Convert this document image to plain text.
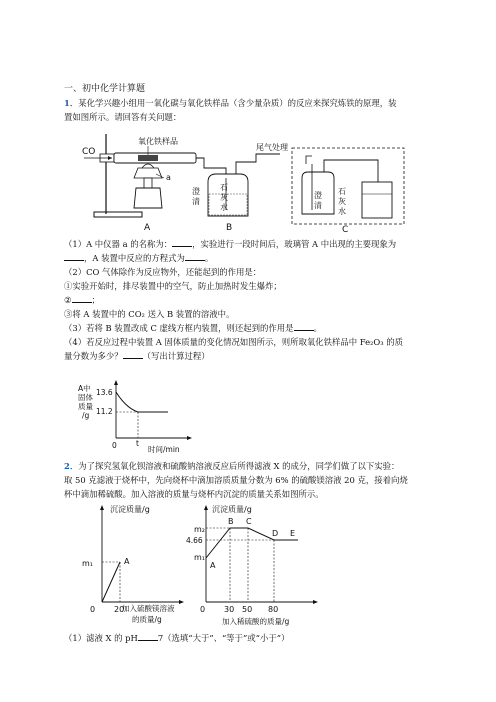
一、初中化学计算题
1．某化学兴趣小组用一氧化碳与氧化铁样品（含少量杂质）的反应来探究炼铁的原理，装
置如图所示。请回答有关问题：
CO
氧化铁样品
a
A
尾气处理
石
灰
水
澄
清
B
石
灰
水
澄
清
C
（1）A 中仪器 a 的名称为： ，实验进行一段时间后，玻璃管 A 中出现的主要现象为
，A 装置中反应的方程式为 。
（2）CO 气体除作为反应物外，还能起到的作用是：
①实验开始时，排尽装置中的空气，防止加热时发生爆炸；
② ；
③将 A 装置中的 CO₂ 送入 B 装置的溶液中。
（3）若将 B 装置改成 C 虚线方框内装置，则还起到的作用是 。
（4）若反应过程中装置 A 固体质量的变化情况如图所示，则所取氧化铁样品中 Fe₂O₃ 的质
量分数为多少？ （写出计算过程）
A中
固体
质量
/g
13.6
11.2
0	t
时间/min
2．为了探究氢氧化钡溶液和硫酸钠溶液反应后所得滤液 X 的成分，同学们做了以下实验：
取 50 克滤液于烧杯中，先向烧杯中滴加溶质质量分数为 6% 的硫酸镁溶液 20 克，接着向烧
杯中滴加稀硫酸。加入溶液的质量与烧杯内沉淀的质量关系如图所示。
沉淀质量/g
m₁	A
0 20
加入硫酸镁溶液
的质量/g
沉淀质量/g
m₂
4.66
m₁
A
B C
D E
0 30 50 80
加入稀硫酸的质量/g
（1）滤液 X 的 pH 7（选填“大于”、“等于”或“小于”）
